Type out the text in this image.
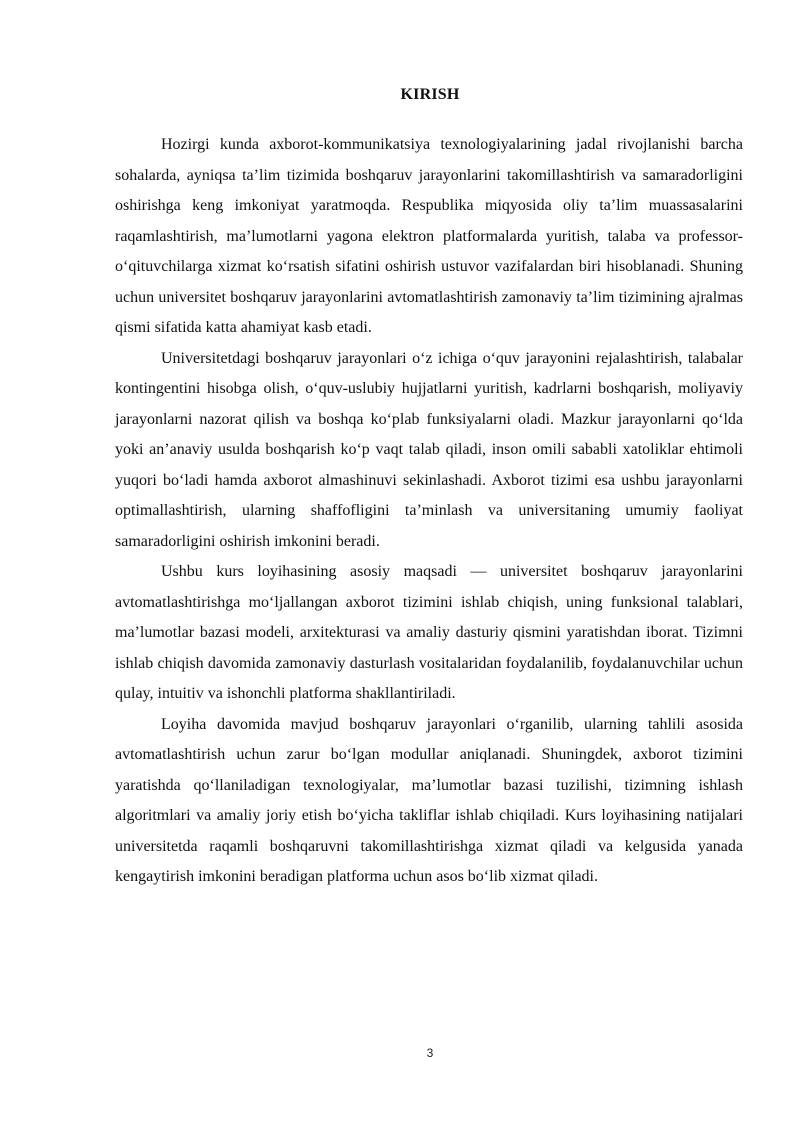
KIRISH

Hozirgi kunda axborot-kommunikatsiya texnologiyalarining jadal rivojlanishi barcha sohalarda, ayniqsa ta’lim tizimida boshqaruv jarayonlarini takomillashtirish va samaradorligini oshirishga keng imkoniyat yaratmoqda. Respublika miqyosida oliy ta’lim muassasalarini raqamlashtirish, ma’lumotlarni yagona elektron platformalarda yuritish, talaba va professor-o‘qituvchilarga xizmat ko‘rsatish sifatini oshirish ustuvor vazifalardan biri hisoblanadi. Shuning uchun universitet boshqaruv jarayonlarini avtomatlashtirish zamonaviy ta’lim tizimining ajralmas qismi sifatida katta ahamiyat kasb etadi.

Universitetdagi boshqaruv jarayonlari o‘z ichiga o‘quv jarayonini rejalashtirish, talabalar kontingentini hisobga olish, o‘quv-uslubiy hujjatlarni yuritish, kadrlarni boshqarish, moliyaviy jarayonlarni nazorat qilish va boshqa ko‘plab funksiyalarni oladi. Mazkur jarayonlarni qo‘lda yoki an’anaviy usulda boshqarish ko‘p vaqt talab qiladi, inson omili sababli xatoliklar ehtimoli yuqori bo‘ladi hamda axborot almashinuvi sekinlashadi. Axborot tizimi esa ushbu jarayonlarni optimallashtirish, ularning shaffofligini ta’minlash va universitaning umumiy faoliyat samaradorligini oshirish imkonini beradi.

Ushbu kurs loyihasining asosiy maqsadi — universitet boshqaruv jarayonlarini avtomatlashtirishga mo‘ljallangan axborot tizimini ishlab chiqish, uning funksional talablari, ma’lumotlar bazasi modeli, arxitekturasi va amaliy dasturiy qismini yaratishdan iborat. Tizimni ishlab chiqish davomida zamonaviy dasturlash vositalaridan foydalanilib, foydalanuvchilar uchun qulay, intuitiv va ishonchli platforma shakllantiriladi.

Loyiha davomida mavjud boshqaruv jarayonlari o‘rganilib, ularning tahlili asosida avtomatlashtirish uchun zarur bo‘lgan modullar aniqlanadi. Shuningdek, axborot tizimini yaratishda qo‘llaniladigan texnologiyalar, ma’lumotlar bazasi tuzilishi, tizimning ishlash algoritmlari va amaliy joriy etish bo‘yicha takliflar ishlab chiqiladi. Kurs loyihasining natijalari universitetda raqamli boshqaruvni takomillashtirishga xizmat qiladi va kelgusida yanada kengaytirish imkonini beradigan platforma uchun asos bo‘lib xizmat qiladi.

3
